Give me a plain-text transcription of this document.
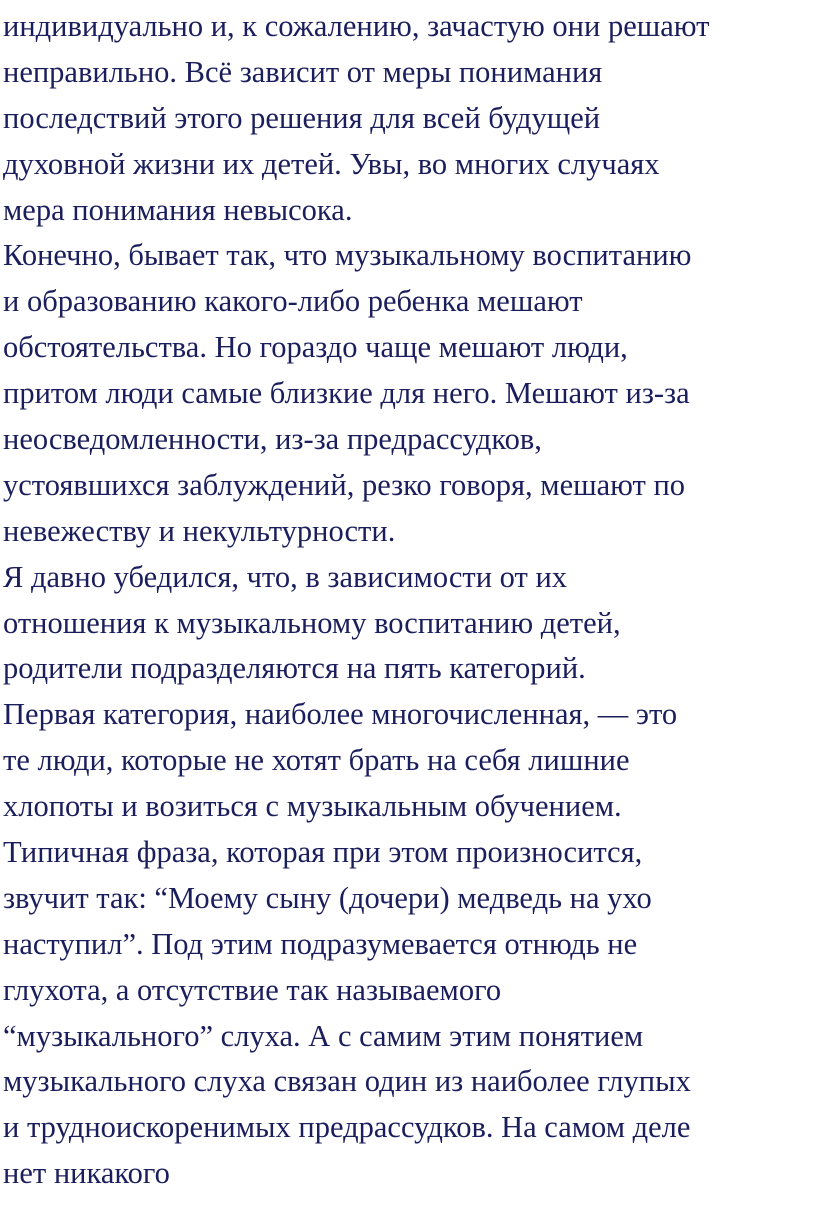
индивидуально и, к сожалению, зачастую они решают
неправильно. Всё зависит от меры понимания
последствий этого решения для всей будущей
духовной жизни их детей. Увы, во многих случаях
мера понимания невысока.
Конечно, бывает так, что музыкальному воспитанию
и образованию какого-либо ребенка мешают
обстоятельства. Но гораздо чаще мешают люди,
притом люди самые близкие для него. Мешают из-за
неосведомленности, из-за предрассудков,
устоявшихся заблуждений, резко говоря, мешают по
невежеству и некультурности.
Я давно убедился, что, в зависимости от их
отношения к музыкальному воспитанию детей,
родители подразделяются на пять категорий.
Первая категория, наиболее многочисленная, — это
те люди, которые не хотят брать на себя лишние
хлопоты и возиться с музыкальным обучением.
Типичная фраза, которая при этом произносится,
звучит так: “Моему сыну (дочери) медведь на ухо
наступил”. Под этим подразумевается отнюдь не
глухота, а отсутствие так называемого
“музыкального” слуха. А с самим этим понятием
музыкального слуха связан один из наиболее глупых
и трудноискоренимых предрассудков. На самом деле
нет никакого
